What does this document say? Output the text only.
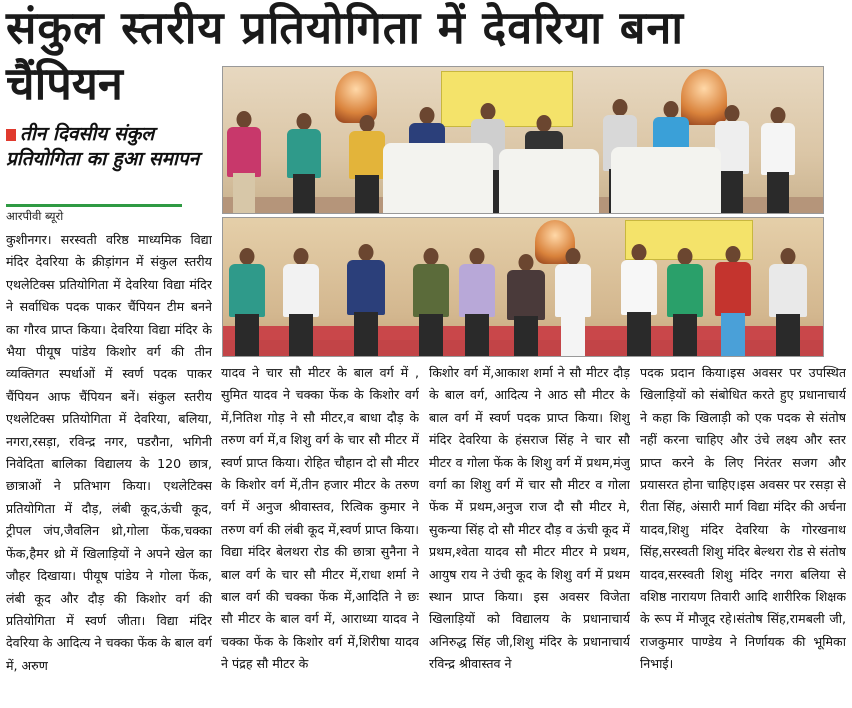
संकुल स्तरीय प्रतियोगिता में देवरिया बना
चैंपियन
तीन दिवसीय संकुल प्रतियोगिता का हुआ समापन
आरपीवी ब्यूरो

कुशीनगर। सरस्वती वरिष्ठ माध्यमिक विद्या मंदिर देवरिया के क्रीड़ांगन में संकुल स्तरीय एथलेटिक्स प्रतियोगिता में देवरिया विद्या मंदिर ने सर्वाधिक पदक पाकर चैंपियन टीम बनने का गौरव प्राप्त किया। देवरिया विद्या मंदिर के भैया पीयूष पांडेय किशोर वर्ग की तीन व्यक्तिगत स्पर्धाओं में स्वर्ण पदक पाकर चैंपियन आफ चैंपियन बनें। संकुल स्तरीय एथलेटिक्स प्रतियोगिता में देवरिया, बलिया, नगरा,रसड़ा, रविन्द्र नगर, पडरौना, भगिनी निवेदिता बालिका विद्यालय के 120 छात्र, छात्राओं ने प्रतिभाग किया। एथलेटिक्स प्रतियोगिता में दौड़, लंबी कूद,ऊंची कूद, ट्रीपल जंप,जैवलिन थ्रो,गोला फेंक,चक्का फेंक,हैमर थ्रो में खिलाड़ियों ने अपने खेल का जौहर दिखाया। पीयूष पांडेय ने गोला फेंक, लंबी कूद और दौड़ की किशोर वर्ग की प्रतियोगिता में स्वर्ण जीता। विद्या मंदिर देवरिया के आदित्य ने चक्का फेंक के बाल वर्ग में, अरुण

यादव ने चार सौ मीटर के बाल वर्ग में , सुमित यादव ने चक्का फेंक के किशोर वर्ग में,नितिश गोड़ ने सौ मीटर,व बाधा दौड़ के तरुण वर्ग में,व शिशु वर्ग के चार सौ मीटर में स्वर्ण प्राप्त किया। रोहित चौहान दो सौ मीटर के किशोर वर्ग में,तीन हजार मीटर के तरुण वर्ग में अनुज श्रीवास्तव, रित्विक कुमार ने तरुण वर्ग की लंबी कूद में,स्वर्ण प्राप्त किया। विद्या मंदिर बेलथरा रोड की छात्रा सुनैना ने बाल वर्ग के चार सौ मीटर में,राधा शर्मा ने बाल वर्ग की चक्का फेंक में,आदिति ने छः सौ मीटर के बाल वर्ग में, आराध्या यादव ने चक्का फेंक के किशोर वर्ग में,शिरीषा यादव ने पंद्रह सौ मीटर के

किशोर वर्ग में,आकाश शर्मा ने सौ मीटर दौड़ के बाल वर्ग, आदित्य ने आठ सौ मीटर के बाल वर्ग में स्वर्ण पदक प्राप्त किया। शिशु मंदिर देवरिया के हंसराज सिंह ने चार सौ मीटर व गोला फेंक के शिशु वर्ग में प्रथम,मंजु वर्गा का शिशु वर्ग में चार सौ मीटर व गोला फेंक में प्रथम,अनुज राज दौ सौ मीटर मे, सुकन्या सिंह दो सौ मीटर दौड़ व ऊंची कूद में प्रथम,श्वेता यादव सौ मीटर मीटर मे प्रथम, आयुष राय ने उंची कूद के शिशु वर्ग में प्रथम स्थान प्राप्त किया। इस अवसर विजेता खिलाड़ियों को विद्यालय के प्रधानाचार्य अनिरुद्ध सिंह जी,शिशु मंदिर के प्रधानाचार्य रविन्द्र श्रीवास्तव ने

पदक प्रदान किया।इस अवसर पर उपस्थित खिलाड़ियों को संबोधित करते हुए प्रधानाचार्य ने कहा कि खिलाड़ी को एक पदक से संतोष नहीं करना चाहिए और उंचे लक्ष्य और स्तर प्राप्त करने के लिए निरंतर सजग और प्रयासरत होना चाहिए।इस अवसर पर रसड़ा से रीता सिंह, अंसारी मार्ग विद्या मंदिर की अर्चना यादव,शिशु मंदिर देवरिया के गोरखनाथ सिंह,सरस्वती शिशु मंदिर बेल्थरा रोड से संतोष यादव,सरस्वती शिशु मंदिर नगरा बलिया से वशिष्ठ नारायण तिवारी आदि शारीरिक शिक्षक के रूप में मौजूद रहे।संतोष सिंह,रामबली जी, राजकुमार पाण्डेय ने निर्णायक की भूमिका निभाई।
